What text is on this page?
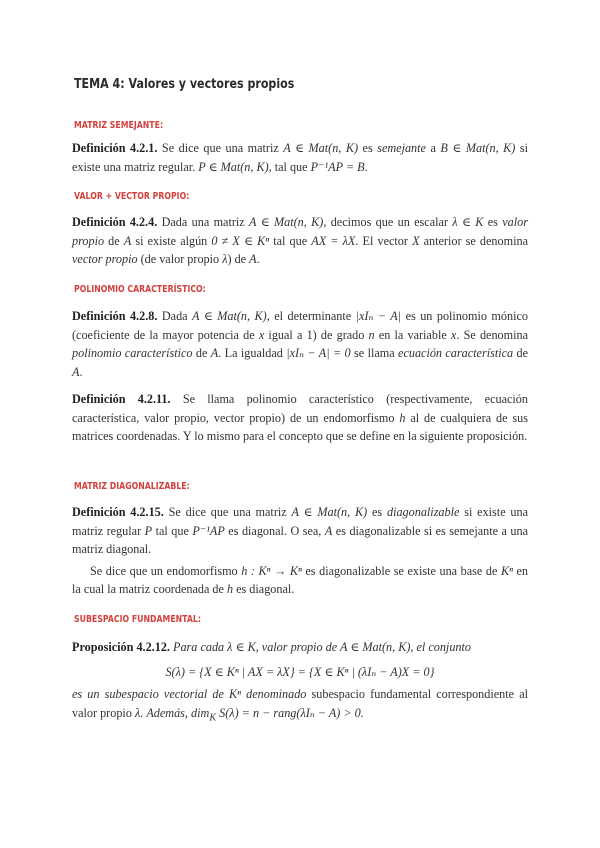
TEMA 4: Valores y vectores propios
MATRIZ SEMEJANTE:

Definición 4.2.1. Se dice que una matriz A ∈ Mat(n, K) es semejante a B ∈ Mat(n, K) si existe una matriz regular. P ∈ Mat(n, K), tal que P⁻¹AP = B.

VALOR + VECTOR PROPIO:

Definición 4.2.4. Dada una matriz A ∈ Mat(n, K), decimos que un escalar λ ∈ K es valor propio de A si existe algún 0 ≠ X ∈ Kⁿ tal que AX = λX. El vector X anterior se denomina vector propio (de valor propio λ) de A.

POLINOMIO CARACTERÍSTICO:

Definición 4.2.8. Dada A ∈ Mat(n, K), el determinante |xIₙ − A| es un polinomio mónico (coeficiente de la mayor potencia de x igual a 1) de grado n en la variable x. Se denomina polinomio característico de A. La igualdad |xIₙ − A| = 0 se llama ecuación característica de A.

Definición 4.2.11. Se llama polinomio característico (respectivamente, ecuación característica, valor propio, vector propio) de un endomorfismo h al de cualquiera de sus matrices coordenadas. Y lo mismo para el concepto que se define en la siguiente proposición.

MATRIZ DIAGONALIZABLE:

Definición 4.2.15. Se dice que una matriz A ∈ Mat(n, K) es diagonalizable si existe una matriz regular P tal que P⁻¹AP es diagonal. O sea, A es diagonalizable si es semejante a una matriz diagonal.

Se dice que un endomorfismo h : Kⁿ → Kⁿ es diagonalizable se existe una base de Kⁿ en la cual la matriz coordenada de h es diagonal.

SUBESPACIO FUNDAMENTAL:

Proposición 4.2.12. Para cada λ ∈ K, valor propio de A ∈ Mat(n, K), el conjunto

S(λ) = {X ∈ Kⁿ | AX = λX} = {X ∈ Kⁿ | (λIₙ − A)X = 0}

es un subespacio vectorial de Kⁿ denominado subespacio fundamental correspondiente al valor propio λ. Además, dim$_K$ S(λ) = n − rang(λIₙ − A) > 0.
